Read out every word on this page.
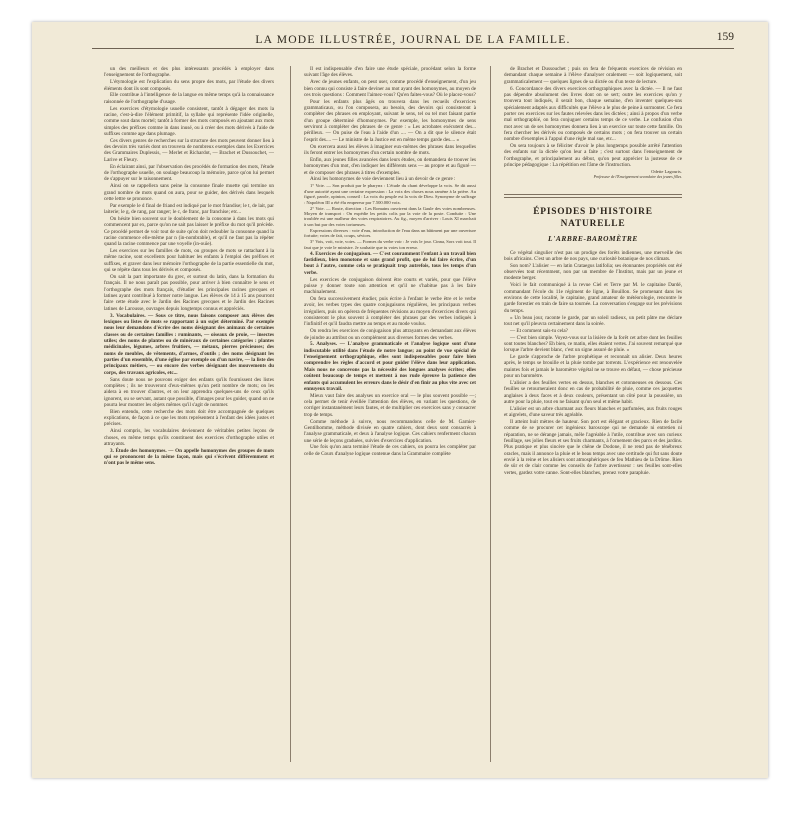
LA MODE ILLUSTRÉE, JOURNAL DE LA FAMILLE.	159

un des meilleurs et des plus intéressants procédés à employer dans l'enseignement de l'orthographe.

L'étymologie est l'explication du sens propre des mots, par l'étude des divers éléments dont ils sont composés.

Elle contribue à l'intelligence de la langue en même temps qu'à la connaissance raisonnée de l'orthographe d'usage.

Les exercices d'étymologie usuelle consistent, tantôt à dégager des mots la racine, c'est-à-dire l'élément primitif, la syllabe qui représente l'idée originelle, comme sout dans mortel; tantôt à former des mots composés en ajoutant aux mots simples des préfixes comme in dans inusé, ou à créer des mots dérivés à l'aide de suffixes comme age dans plumage.

Ces divers genres de recherches sur la structure des mots peuvent donner lieu à des devoirs très variés dont on trouvera de nombreux exemples dans les Exercices des Grammaires Duplessis, — Merlet et Richardot, — Brachet et Dussouchet, — Larive et Fleury.

En éclairant ainsi, par l'observation des procédés de formation des mots, l'étude de l'orthographe usuelle, on soulage beaucoup la mémoire, parce qu'on lui permet de s'appuyer sur le raisonnement.

Ainsi on se rappellera sans peine la consonne finale muette qui termine un grand nombre de mots quand on aura, pour se guider, des dérivés dans lesquels cette lettre se prononce.

Par exemple le d final de friand est indiqué par le mot friandise; le t, de lait, par laiterie; le g, de rang, par ranger; le c, de franc, par franchise; etc...

On hésite bien souvent sur le doublement de la consonne à dans les mots qui commencent par ex, parce qu'on ne sait pas laisser le préfixe du mot qu'il précède. Ce procédé permet de voir tout de suite qu'on doit redoubler la consonne quand la racine commence elle-même par n (in-nombrable), et qu'il ne faut pas la répéter quand la racine commence par une voyelle (in-ouïe).

Les exercices sur les familles de mots, ou groupes de mots se rattachant à la même racine, sont excellents pour habituer les enfants à l'emploi des préfixes et suffixes, et graver dans leur mémoire l'orthographe de la partie essentielle du mot, qui se répète dans tous les dérivés et composés.

On sait la part importante du grec, et surtout du latin, dans la formation du français. Il ne nous paraît pas possible, pour arriver à bien connaître le sens et l'orthographe des mots français, d'étudier les principales racines grecques et latines ayant contribué à former notre langue. Les élèves de 14 à 15 ans pourront faire cette étude avec le Jardin des Racines grecques et le Jardin des Racines latines de Larousse, ouvrages depuis longtemps connus et appréciés.

3. Vocabulaires. — Sous ce titre, nous faisons composer aux élèves des lexiques ou listes de mots se rapportant à un sujet déterminé. Par exemple nous leur demandons d'écrire des noms désignant des animaux de certaines classes ou de certaines familles : ruminants, — oiseaux de proie, — insectes utiles; des noms de plantes ou de minéraux de certaines catégories : plantes médicinales, légumes, arbres fruitiers, — métaux, pierres précieuses; des noms de meubles, de vêtements, d'armes, d'outils ; des noms désignant les parties d'un ensemble, d'une église par exemple ou d'un navire, — la liste des principaux métiers, — ou encore des verbes désignant des mouvements du corps, des travaux agricoles, etc...

Sans doute nous ne pouvons exiger des enfants qu'ils fournissent des listes complètes ; ils ne trouveront d'eux-mêmes qu'un petit nombre de mots; on les aidera à en trouver d'autres, et on leur apprendra quelques-uns de ceux qu'ils ignorent, ou se servant, autant que possible, d'images pour les guider, quand on ne pourra leur montrer les objets mêmes qu'il s'agit de nommer.

Bien entendu, cette recherche des mots doit être accompagnée de quelques explications, de façon à ce que les mots représentent à l'enfant des idées justes et précises.

Ainsi compris, les vocabulaires deviennent de véritables petites leçons de choses, en même temps qu'ils constituent des exercices d'orthographe utiles et attrayants.

3. Étude des homonymes. — On appelle homonymes des groupes de mots qui se prononcent de la même façon, mais qui s'écrivent différemment et n'ont pas le même sens.

Il est indispensable d'en faire une étude spéciale, procédant selon la forme suivant l'âge des élèves.

Avec de jeunes enfants, on peut user, comme procédé d'enseignement, d'un jeu bien connu qui consiste à faire deviner au mot ayant des homonymes, au moyen de ces trois questions : Comment l'aimez-vous? Qu'en faites-vous? Où le placez-vous?

Pour les enfants plus âgés on trouvera dans les recueils d'exercices grammaticaux, ou l'on composera, au besoin, des devoirs qui consisteront à compléter des phrases en employant, suivant le sens, tel ou tel mot faisant partie d'un groupe déterminé d'homonymes. Par exemple, les homonymes de sens serviront à compléter des phrases de ce genre : « Les acrobates exécutent des... périlleux. — On puise de l'eau à l'aide d'un .... — On a dit que le silence était l'esprit des.... — Le ministre de la Justice est en même temps garde des.... »

On exercera aussi les élèves à imaginer eux-mêmes des phrases dans lesquelles ils feront entrer les homonymes d'un certain nombre de mots.

Enfin, aux jeunes filles avancées dans leurs études, on demandera de trouver les homonymes d'un mot, d'en indiquer les différents sens — au propre et au figuré — et de composer des phrases à titres d'exemples.

Ainsi les homonymes de voie deviennent lieu à un devoir de ce genre :

1° Voie. — Son produit par le pharynx : L'étude du chant développe la voix. Se dit aussi d'une autorité ayant une certaine expression : La voix des choses nous ramène à la prière. Au figuré, parole, opinion, conseil : La voix du peuple est la voix de Dieu. Synonyme de suffrage : Napoléon III a été élu empereur par 7.500.000 voix.

2° Voie. — Route, direction : Les Romains ouvrirent dans la Gaule des voies nombreuses. Moyen de transport : On expédie les petits colis par la voie de la poste. Conduite : Une troublée est une malheur des voies respiratoires. Au fig., moyen d'arriver : Louis XI marchait à son but par des voies tortueuses.

Expressions diverses : voie d'eau, introduction de l'eau dans un bâtiment par une ouverture fortuite; voies de fait, coups, sévices.

3° Vois, voit, voie, voies. — Formes du verbe voir : Je vois le jour. Cinna, Sors voit tout. Il faut que je voie le ministre. Je souhaite que tu voies ton erreur.

4. Exercices de conjugaison. — C'est couramment l'enfant à un travail bien fastidieux, bien monotone et sans grand profit, que de lui faire écrire, d'un bout à l'autre, comme cela se pratiquait trop autrefois, tous les temps d'un verbe.

Les exercices de conjugaison doivent être courts et variés, pour que l'élève puisse y donner toute son attention et qu'il ne s'habitue pas à les faire machinalement.

On fera successivement étudier, puis écrire à l'enfant le verbe être et le verbe avoir, les verbes types des quatre conjugaisons régulières, les principaux verbes irréguliers, puis on opérera de fréquentes révisions au moyen d'exercices divers qui consisteront le plus souvent à compléter des phrases par des verbes indiqués à l'infinitif et qu'il faudra mettre au temps et au mode voulus.

On rendra les exercices de conjugaison plus attrayants en demandant aux élèves de joindre au attribut ou un complément aux diverses formes des verbes.

5. Analyses. — L'analyse grammaticale et l'analyse logique sont d'une indiscutable utilité dans l'étude de notre langue; au point de vue spécial de l'enseignement orthographique, elles sont indispensables pour faire bien comprendre les règles d'accord et pour guider l'élève dans leur application. Mais nous ne concevons pas la nécessité des longues analyses écrites; elles coûtent beaucoup de temps et mettent à nos rude épreuve la patience des enfants qui accumulent les erreurs dans le désir d'en finir au plus vite avec cet ennuyeux travail.

Mieux vaut faire des analyses un exercice oral — le plus souvent possible —; cela permet de tenir éveillée l'attention des élèves, en variant les questions, de corriger instantanément leurs fautes, et de multiplier ces exercices sans y consacrer trop de temps.

Comme méthode à suivre, nous recommandons celle de M. Garnier-Gentilhomme, méthode divisée en quatre cahiers, dont deux sont consacrés à l'analyse grammaticale, et deux à l'analyse logique. Ces cahiers renferment chacun une série de leçons graduées, suivies d'exercices d'application.

Une fois qu'on aura terminé l'étude de ces cahiers, on pourra les compléter par celle de Cours d'analyse logique contenue dans la Grammaire complète

de Brachet et Dussouchet ; puis on fera de fréquents exercices de révision en demandant chaque semaine à l'élève d'analyser oralement — soit logiquement, soit grammaticalement — quelques lignes de sa dictée ou d'un texte de lecture.

6. Concordance des divers exercices orthographiques avec la dictée. — Il ne faut pas dépendre absolument des livres dont on se sert; outre les exercices qu'on y trouvera tout indiqués, il serait bon, chaque semaine, d'en inventer quelques-uns spécialement adaptés aux difficultés que l'élève a le plus de peine à surmonter. Ce fera porter ces exercices sur les fautes relevées dans les dictées ; ainsi à propos d'un verbe mal orthographié, on fera conjuguer certains temps de ce verbe. Le confusion d'un mot avec un de ses homonymes donnera lieu à un exercice sur toute cette famille. On fera chercher les dérivés ou composés de certains mots ; on fera trouver un certain nombre d'exemples à l'appui d'une règle mal sue, etc...

On sera toujours à se féliciter d'avoir le plus longtemps possible arrêté l'attention des enfants sur la dictée qu'on leur a faite ; c'est surtout dans l'enseignement de l'orthographe, et principalement au début, qu'on peut apprécier la justesse de ce principe pédagogique : La répétition est l'âme de l'instruction.

Odette Lagouris.
Professeur de l'Enseignement secondaire des jeunes filles.
ÉPISODES D'HISTOIRE NATURELLE
L'ARBRE-BAROMÈTRE

Ce végétal singulier n'est pas un prodige des forêts indiennes, une merveille des bois africains. C'est un arbre de nos pays, une curiosité botanique de nos climats.

Son nom? L'alisier — en latin Crataegus latifolia; ses étonnantes propriétés ont été observées tout récemment, non par un membre de l'Institut, mais par un jeune et modeste berger.

Voici le fait communiqué à la revue Ciel et Terre par M. le capitaine Dardé, commandant l'école du 11e régiment de ligne, à Bouillon. Se promenant dans les environs de cette localité, le capitaine, grand amateur de météorologie, rencontre le garde forestier en train de faire sa tournée. La conversation s'engage sur les prévisions du temps.

« Un beau jour, raconte le garde, par un soleil radieux, un petit pâtre me déclare tout net qu'il pleuvra certainement dans la soirée.

— Et comment sais-tu cela?

— C'est bien simple. Voyez-vous sur la lisière de la forêt cet arbre dont les feuilles sont toutes blanches? Eh bien, ce matin, elles étaient vertes. J'ai souvent remarqué que lorsque l'arbre devient blanc, c'est un signe assuré de pluie. »

Le garde s'approche de l'arbre prophétique et reconnaît un alisier. Deux heures après, le temps se brouille et la pluie tombe par torrents. L'expérience est renouvelée maintes fois et jamais le baromètre végétal ne se trouve en défaut, — chose précieuse pour un baromètre.

L'alisier a des feuilles vertes en dessus, blanches et cotonneuses en dessous. Ces feuilles se retourneraient donc en cas de probabilité de pluie, comme ces jacquettes anglaises à deux faces et à deux couleurs, présentant un côté pour la poussière, un autre pour la pluie, tout en ne faisant qu'un seul et même habit.

L'alisier est un arbre charmant aux fleurs blanches et parfumées, aux fruits rouges et aigrelets, d'une saveur très agréable.

Il atteint huit mètres de hauteur. Son port est élégant et gracieux. Rien de facile comme de se procurer cet ingénieux baroscope qui ne demande ni entretien ni réparation, ne se dérange jamais, mêle l'agréable à l'utile, contribue avec son curieux feuillage, ses jolies fleurs et ses fruits charmants, à l'ornement des parcs et des jardins. Plus pratique et plus sincère que le chêne de Dodone, il ne rend pas de ténébreux oracles, mais il annonce la pluie et le beau temps avec une certitude qui fut sans doute envié à la reine et les alisiers sont atmosphériques de feu Mathieu de la Drôme. Rien de sûr et de clair comme les conseils de l'arbre avertisseur : ses feuilles sont-elles vertes, gardez votre canne. Sont-elles blanches, prenez votre parapluie.
